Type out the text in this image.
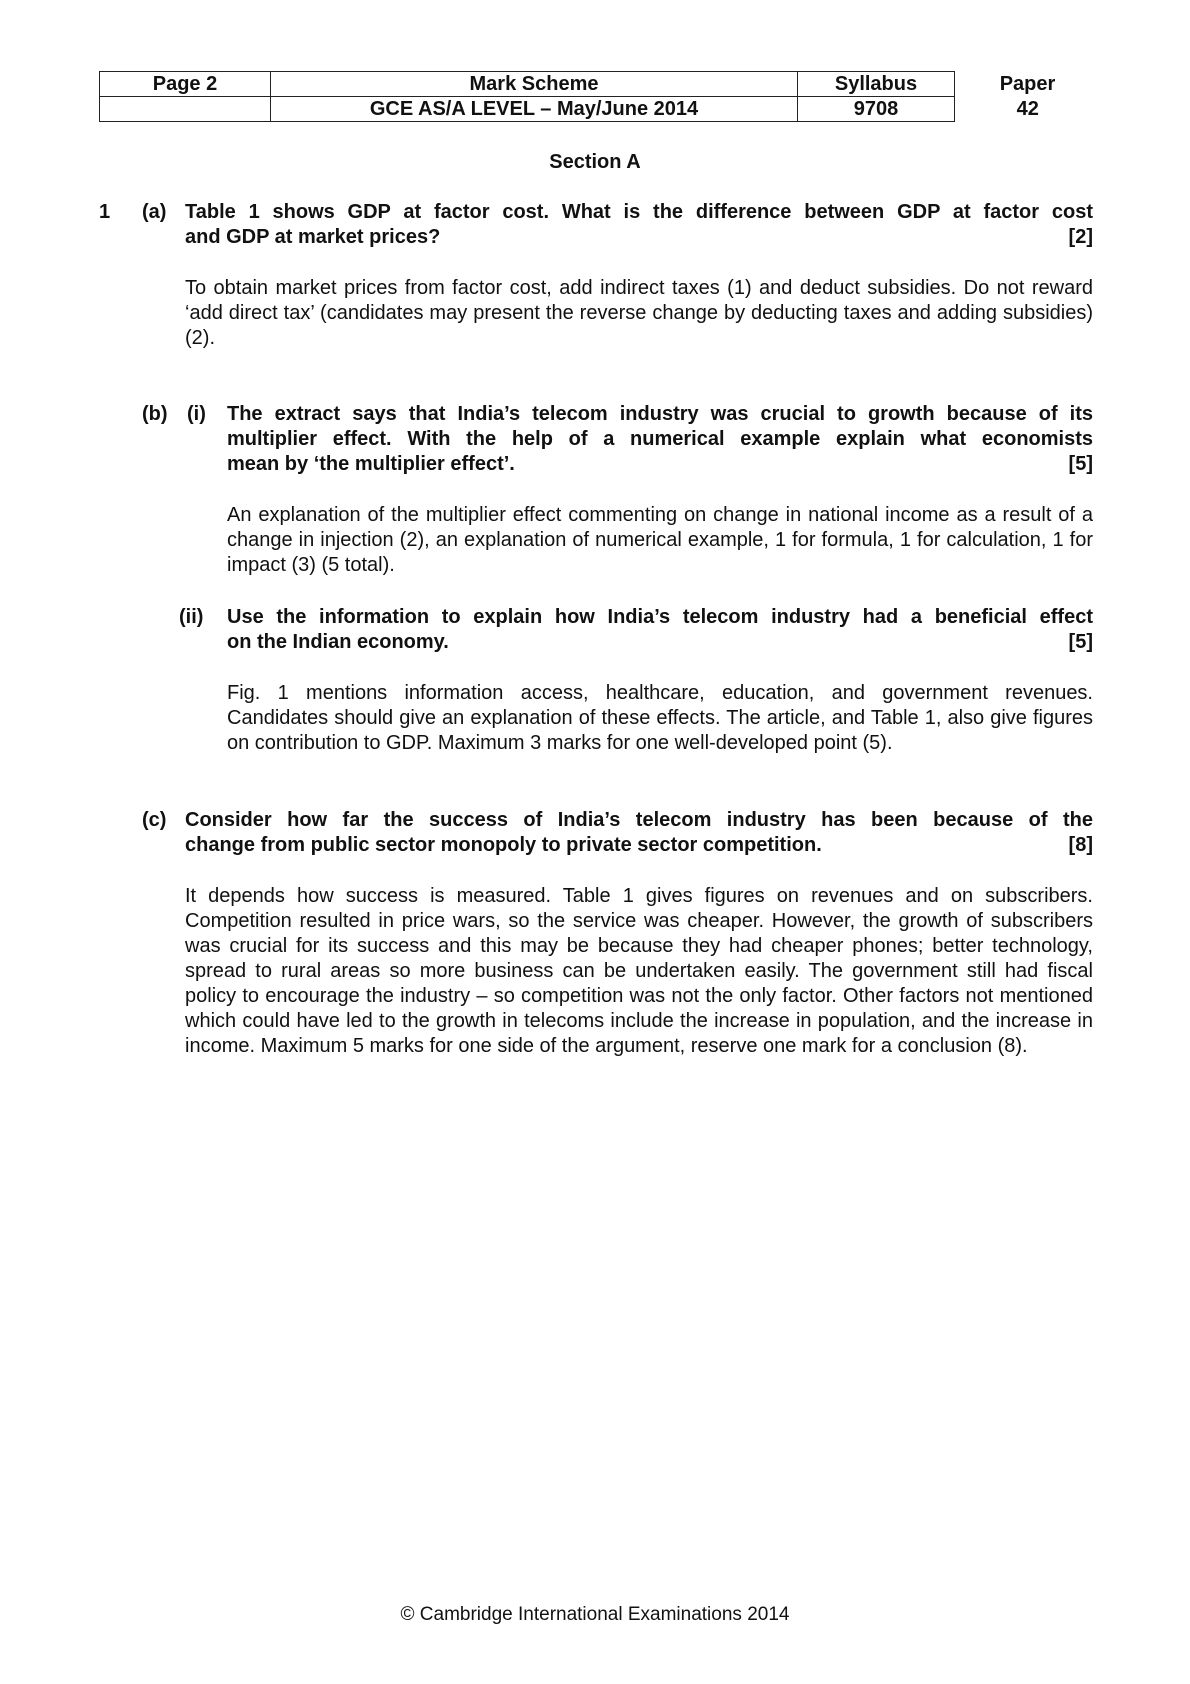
Page 2	Mark Scheme	Syllabus	Paper
	GCE AS/A LEVEL – May/June 2014	9708	42
Section A
1 (a) Table 1 shows GDP at factor cost. What is the difference between GDP at factor cost
and GDP at market prices?	[2]
To obtain market prices from factor cost, add indirect taxes (1) and deduct subsidies. Do not reward ‘add direct tax’ (candidates may present the reverse change by deducting taxes and adding subsidies) (2).
(b) (i) The extract says that India’s telecom industry was crucial to growth because of its
multiplier effect. With the help of a numerical example explain what economists
mean by ‘the multiplier effect’.	[5]
An explanation of the multiplier effect commenting on change in national income as a result of a change in injection (2), an explanation of numerical example, 1 for formula, 1 for calculation, 1 for impact (3) (5 total).
(ii) Use the information to explain how India’s telecom industry had a beneficial effect
on the Indian economy.	[5]
Fig. 1 mentions information access, healthcare, education, and government revenues. Candidates should give an explanation of these effects. The article, and Table 1, also give figures on contribution to GDP. Maximum 3 marks for one well-developed point (5).
(c) Consider how far the success of India’s telecom industry has been because of the
change from public sector monopoly to private sector competition.	[8]
It depends how success is measured. Table 1 gives figures on revenues and on subscribers. Competition resulted in price wars, so the service was cheaper. However, the growth of subscribers was crucial for its success and this may be because they had cheaper phones; better technology, spread to rural areas so more business can be undertaken easily. The government still had fiscal policy to encourage the industry – so competition was not the only factor. Other factors not mentioned which could have led to the growth in telecoms include the increase in population, and the increase in income. Maximum 5 marks for one side of the argument, reserve one mark for a conclusion (8).
© Cambridge International Examinations 2014
